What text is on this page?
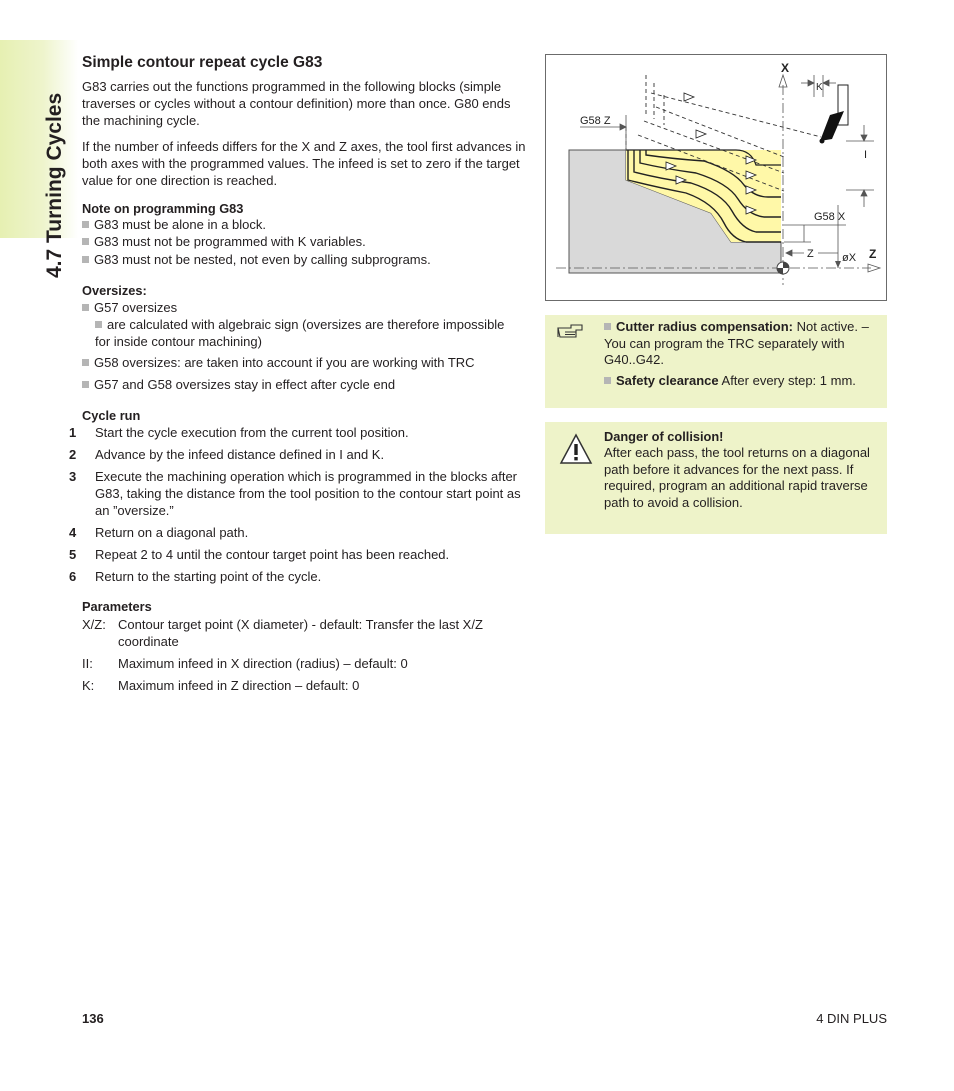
4.7 Turning Cycles
Simple contour repeat cycle G83
G83 carries out the functions programmed in the following blocks (simple traverses or cycles without a contour definition) more than once. G80 ends the machining cycle.
If the number of infeeds differs for the X and Z axes, the tool first advances in both axes with the programmed values. The infeed is set to zero if the target value for one direction is reached.
Note on programming G83
G83 must be alone in a block.
G83 must not be programmed with K variables.
G83 must not be nested, not even by calling subprograms.
Oversizes:
G57 oversizes
are calculated with algebraic sign (oversizes are therefore impossible for inside contour machining)
G58 oversizes: are taken into account if you are working with TRC
G57 and G58 oversizes stay in effect after cycle end
Cycle run
1 Start the cycle execution from the current tool position.
2 Advance by the infeed distance defined in I and K.
3 Execute the machining operation which is programmed in the blocks after G83, taking the distance from the tool position to the contour start point as an ”oversize.”
4 Return on a diagonal path.
5 Repeat 2 to 4 until the contour target point has been reached.
6 Return to the starting point of the cycle.
Parameters
X/Z: Contour target point (X diameter) - default: Transfer the last X/Z coordinate
II: Maximum infeed in X direction (radius) – default: 0
K: Maximum infeed in Z direction – default: 0
G58 Z
X
Z
Z	øX
G58 X
K
I
Cutter radius compensation: Not active. – You can program the TRC separately with G40..G42.
Safety clearance After every step: 1 mm.
Danger of collision!
After each pass, the tool returns on a diagonal path before it advances for the next pass. If required, program an additional rapid traverse path to avoid a collision.
136	4 DIN PLUS
